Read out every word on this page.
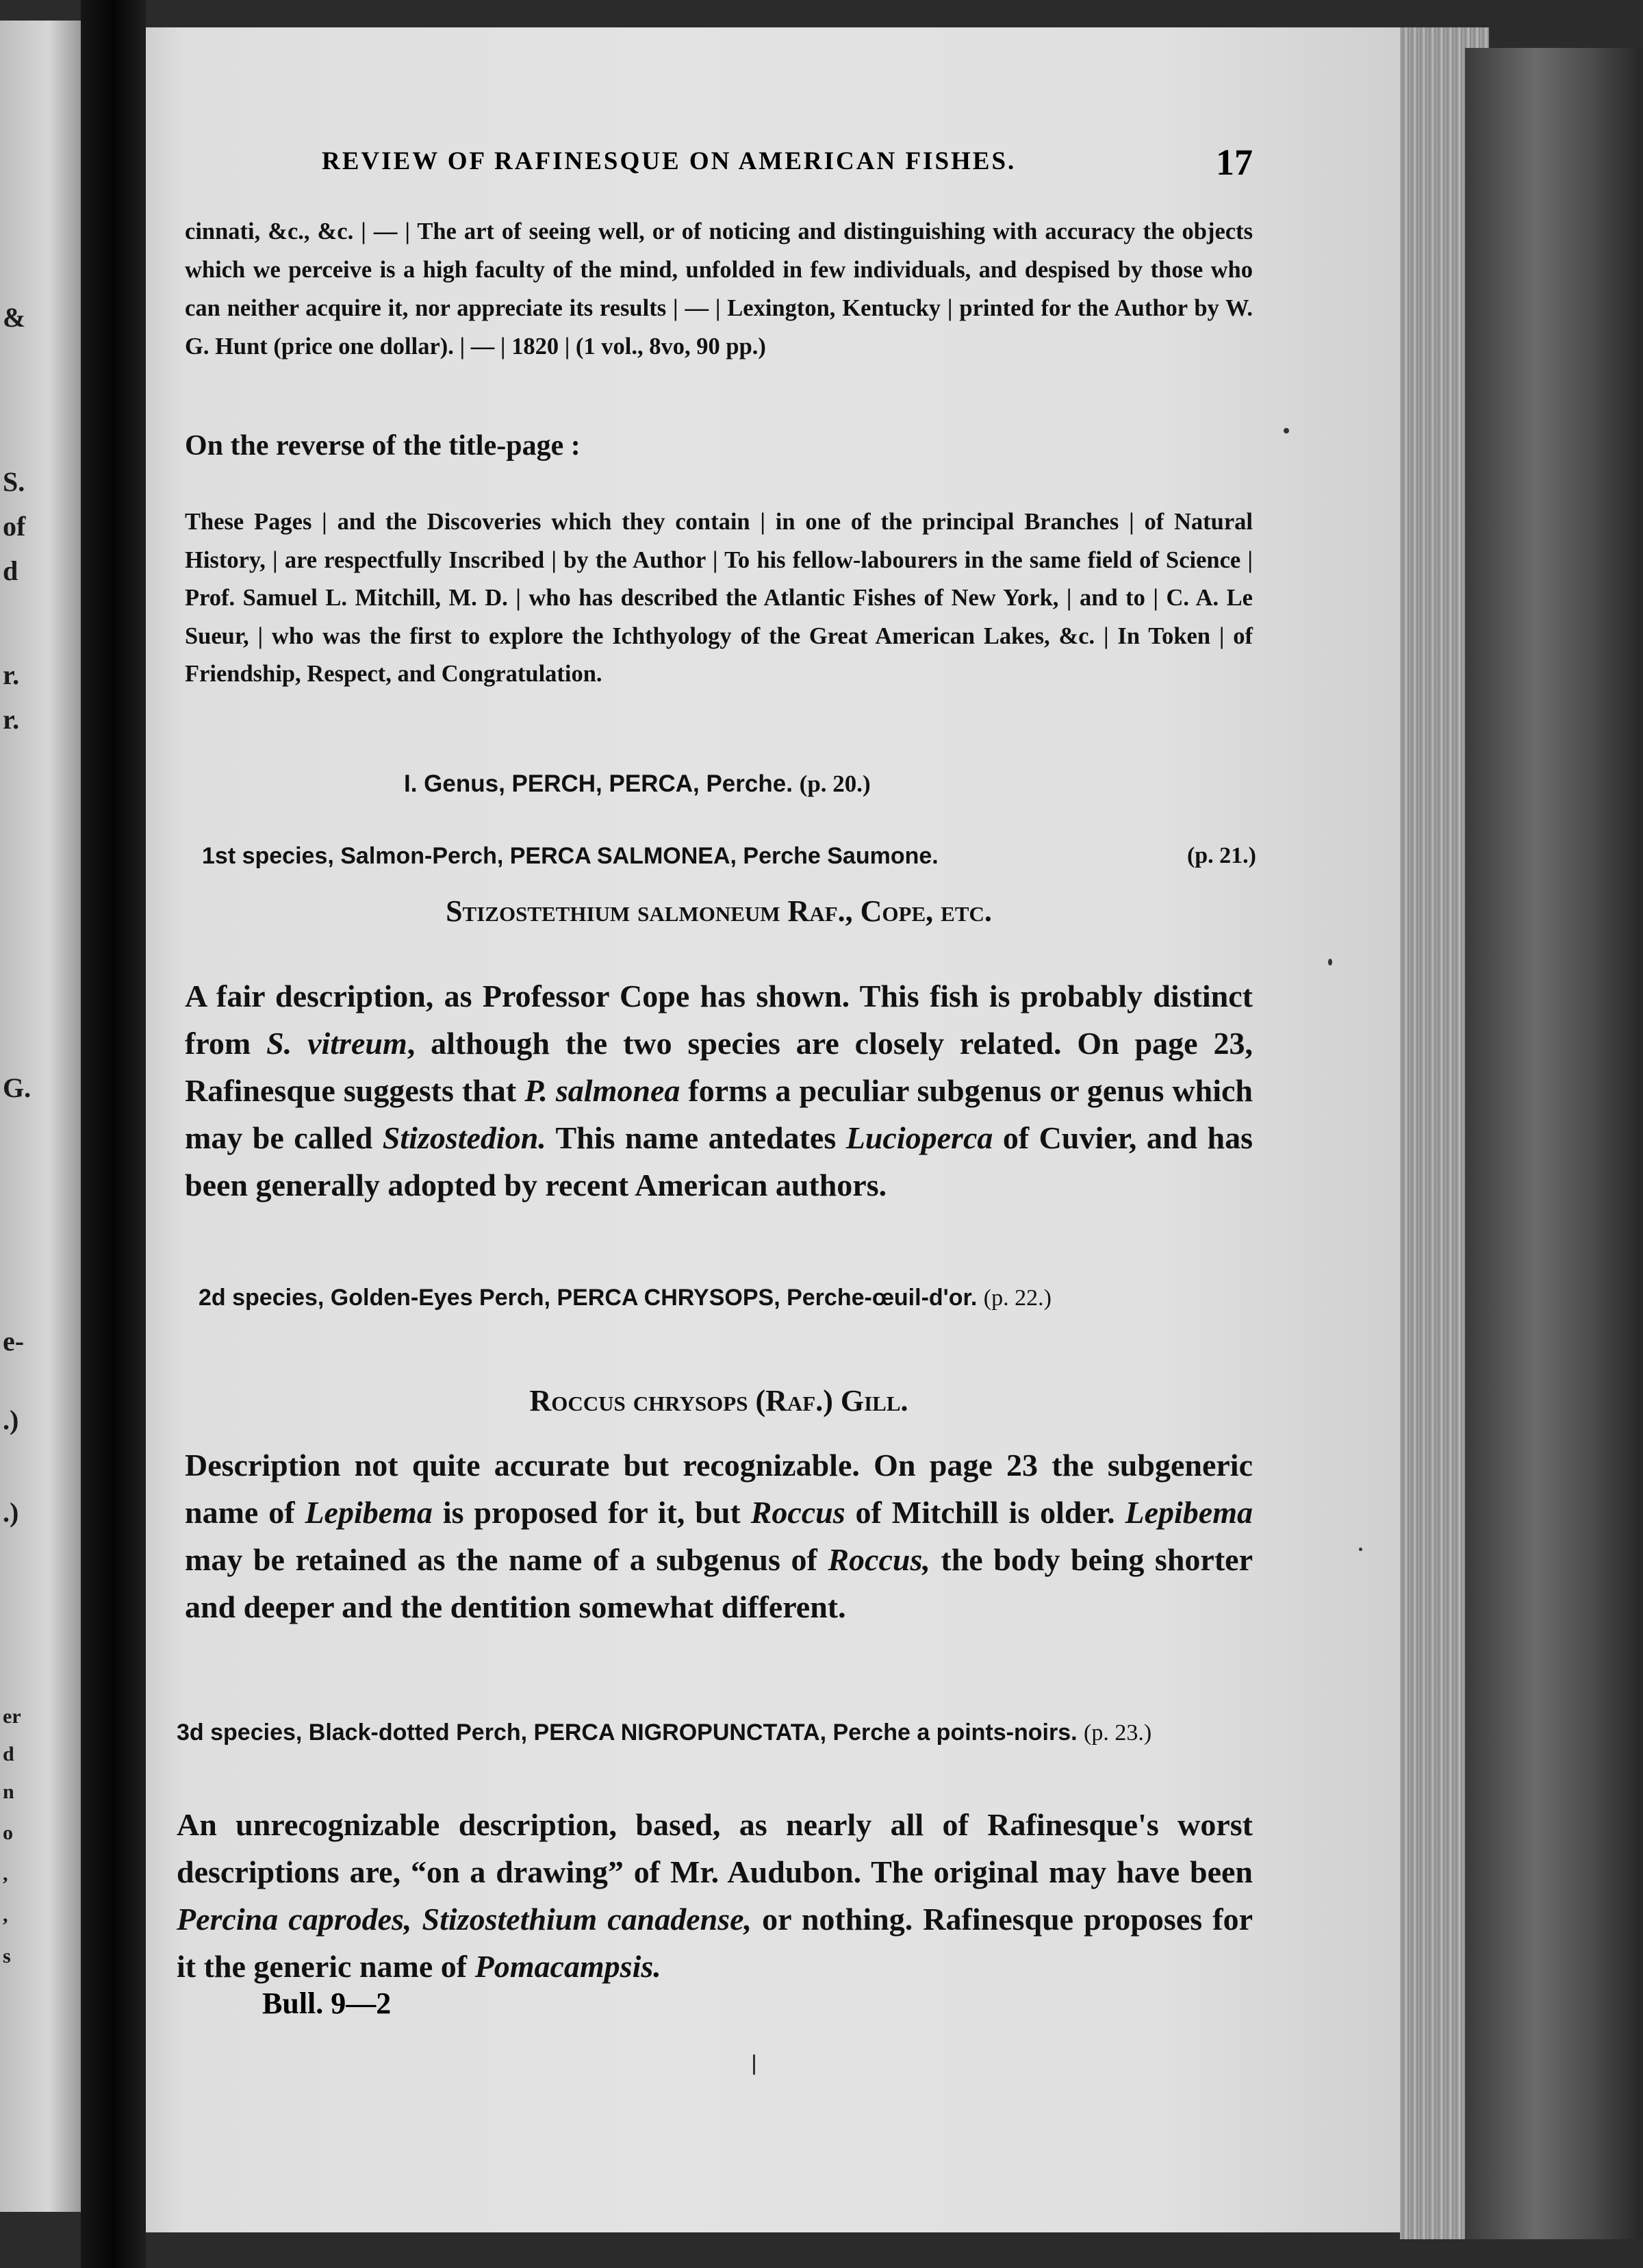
&
S.
of
d
r.
r.
G.
e-
.)
.)
er
d
n
o
,
,
s
REVIEW OF RAFINESQUE ON AMERICAN FISHES.	17

cinnati, &c., &c. | — | The art of seeing well, or of noticing and distinguishing with accuracy the objects which we perceive is a high faculty of the mind, unfolded in few individuals, and despised by those who can neither acquire it, nor appreciate its results | — | Lexington, Kentucky | printed for the Author by W. G. Hunt (price one dollar). | — | 1820 | (1 vol., 8vo, 90 pp.)

On the reverse of the title-page :

These Pages | and the Discoveries which they contain | in one of the principal Branches | of Natural History, | are respectfully Inscribed | by the Author | To his fellow-labourers in the same field of Science | Prof. Samuel L. Mitchill, M. D. | who has described the Atlantic Fishes of New York, | and to | C. A. Le Sueur, | who was the first to explore the Ichthyology of the Great American Lakes, &c. | In Token | of Friendship, Respect, and Congratulation.

I. Genus, PERCH, PERCA, Perche. (p. 20.)
1st species, Salmon-Perch, PERCA SALMONEA, Perche Saumone.	(p. 21.)

Stizostethium salmoneum Raf., Cope, etc.

A fair description, as Professor Cope has shown. This fish is probably distinct from S. vitreum, although the two species are closely related. On page 23, Rafinesque suggests that P. salmonea forms a peculiar subgenus or genus which may be called Stizostedion. This name antedates Lucioperca of Cuvier, and has been generally adopted by recent American authors.

2d species, Golden-Eyes Perch, PERCA CHRYSOPS, Perche-œuil-d'or. (p. 22.)

Roccus chrysops (Raf.) Gill.

Description not quite accurate but recognizable. On page 23 the subgeneric name of Lepibema is proposed for it, but Roccus of Mitchill is older. Lepibema may be retained as the name of a subgenus of Roccus, the body being shorter and deeper and the dentition somewhat different.

3d species, Black-dotted Perch, PERCA NIGROPUNCTATA, Perche a points-noirs. (p. 23.)

An unrecognizable description, based, as nearly all of Rafinesque's worst descriptions are, “on a drawing” of Mr. Audubon. The original may have been Percina caprodes, Stizostethium canadense, or nothing. Rafinesque proposes for it the generic name of Pomacampsis.

Bull. 9—2
